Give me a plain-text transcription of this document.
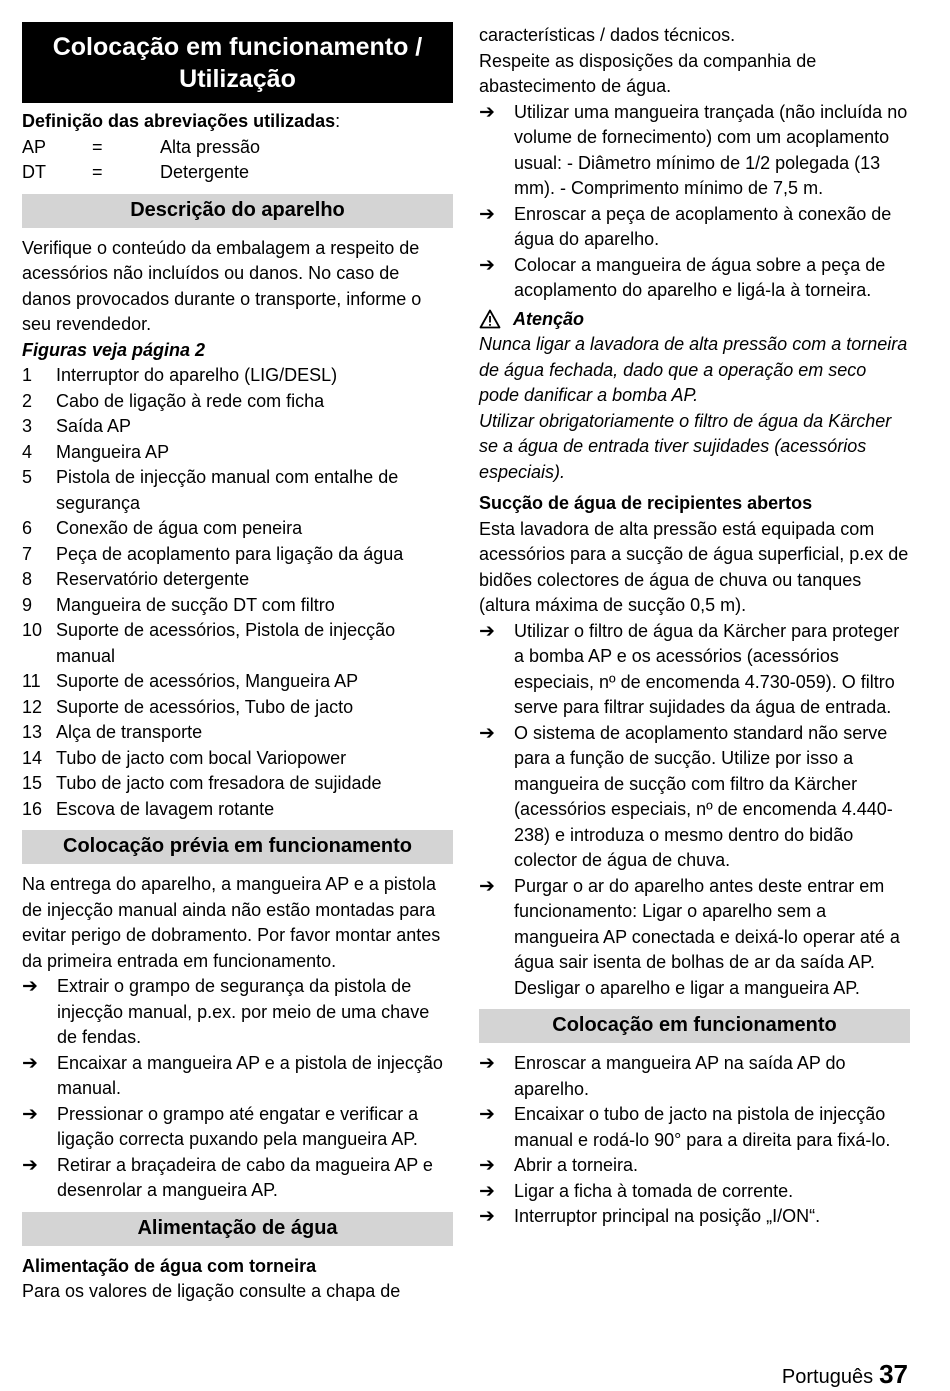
Colocação em funcionamento /
Utilização

Definição das abreviações utilizadas:

AP	=	Alta pressão
DT	=	Detergente
Descrição do aparelho

Verifique o conteúdo da embalagem a respeito de acessórios não incluídos ou danos. No caso de danos provocados durante o transporte, informe o seu revendedor.

Figuras veja página 2

1	Interruptor do aparelho (LIG/DESL)
2	Cabo de ligação à rede com ficha
3	Saída AP
4	Mangueira AP
5	Pistola de injecção manual com entalhe de segurança
6	Conexão de água com peneira
7	Peça de acoplamento para ligação da água
8	Reservatório detergente
9	Mangueira de sucção DT com filtro
10 Suporte de acessórios, Pistola de injecção manual
11 Suporte de acessórios, Mangueira AP
12 Suporte de acessórios, Tubo de jacto
13 Alça de transporte
14 Tubo de jacto com bocal Variopower
15 Tubo de jacto com fresadora de sujidade
16 Escova de lavagem rotante
Colocação prévia em funcionamento

Na entrega do aparelho, a mangueira AP e a pistola de injecção manual ainda não estão montadas para evitar perigo de dobramento. Por favor montar antes da primeira entrada em funcionamento.

➔	Extrair o grampo de segurança da pistola de injecção manual, p.ex. por meio de uma chave de fendas.
➔	Encaixar a mangueira AP e a pistola de injecção manual.
➔	Pressionar o grampo até engatar e verificar a ligação correcta puxando pela mangueira AP.
➔	Retirar a braçadeira de cabo da magueira AP e desenrolar a mangueira AP.
Alimentação de água

Alimentação de água com torneira

Para os valores de ligação consulte a chapa de

características / dados técnicos.

Respeite as disposições da companhia de abastecimento de água.

➔	Utilizar uma mangueira trançada (não incluída no volume de fornecimento) com um acoplamento usual: - Diâmetro mínimo de 1/2 polegada (13 mm). - Comprimento mínimo de 7,5 m.
➔	Enroscar a peça de acoplamento à conexão de água do aparelho.
➔	Colocar a mangueira de água sobre a peça de acoplamento do aparelho e ligá-la à torneira.
Atenção

Nunca ligar a lavadora de alta pressão com a torneira de água fechada, dado que a operação em seco pode danificar a bomba AP.

Utilizar obrigatoriamente o filtro de água da Kärcher se a água de entrada tiver sujidades (acessórios especiais).

Sucção de água de recipientes abertos

Esta lavadora de alta pressão está equipada com acessórios para a sucção de água superficial, p.ex de bidões colectores de água de chuva ou tanques (altura máxima de sucção 0,5 m).

➔	Utilizar o filtro de água da Kärcher para proteger a bomba AP e os acessórios (acessórios especiais, nº de encomenda 4.730-059). O filtro serve para filtrar sujidades da água de entrada.
➔	O sistema de acoplamento standard não serve para a função de sucção. Utilize por isso a mangueira de sucção com filtro da Kärcher (acessórios especiais, nº de encomenda 4.440-238) e introduza o mesmo dentro do bidão colector de água de chuva.
➔	Purgar o ar do aparelho antes deste entrar em funcionamento: Ligar o aparelho sem a mangueira AP conectada e deixá-lo operar até a água sair isenta de bolhas de ar da saída AP. Desligar o aparelho e ligar a mangueira AP.
Colocação em funcionamento
➔	Enroscar a mangueira AP na saída AP do aparelho.
➔	Encaixar o tubo de jacto na pistola de injecção manual e rodá-lo 90° para a direita para fixá-lo.
➔	Abrir a torneira.
➔	Ligar a ficha à tomada de corrente.
➔	Interruptor principal na posição „I/ON“.
Português 37
